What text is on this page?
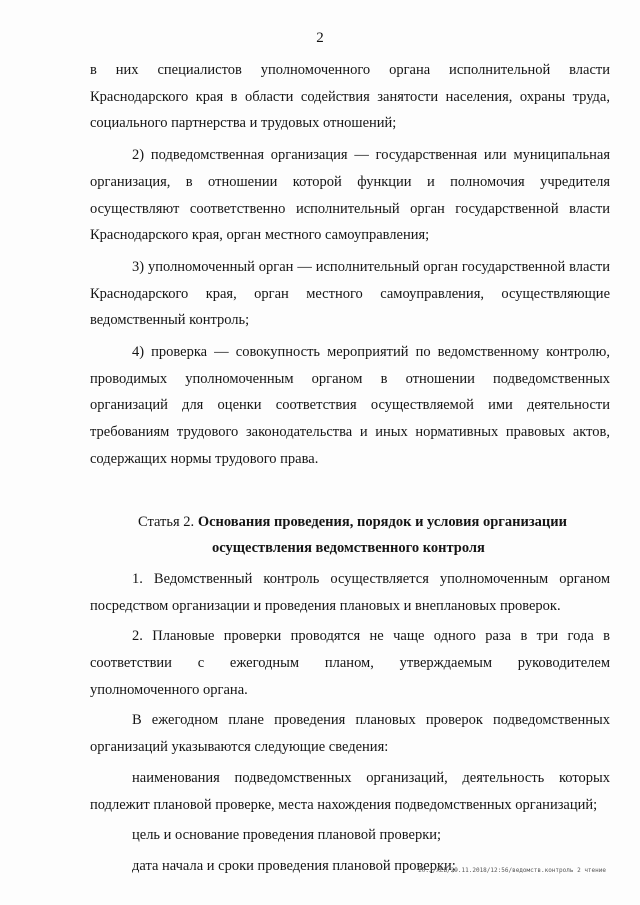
2

в них специалистов уполномоченного органа исполнительной власти Краснодарского края в области содействия занятости населения, охраны труда, социального партнерства и трудовых отношений;

2) подведомственная организация — государственная или муниципальная организация, в отношении которой функции и полномочия учредителя осуществляют соответственно исполнительный орган государственной власти Краснодарского края, орган местного самоуправления;

3) уполномоченный орган — исполнительный орган государственной власти Краснодарского края, орган местного самоуправления, осуществляющие ведомственный контроль;

4) проверка — совокупность мероприятий по ведомственному контролю, проводимых уполномоченным органом в отношении подведомственных организаций для оценки соответствия осуществляемой ими деятельности требованиям трудового законодательства и иных нормативных правовых актов, содержащих нормы трудового права.

Статья 2. Основания проведения, порядок и условия организации
осуществления ведомственного контроля

1. Ведомственный контроль осуществляется уполномоченным органом посредством организации и проведения плановых и внеплановых проверок.

2. Плановые проверки проводятся не чаще одного раза в три года в соответствии с ежегодным планом, утверждаемым руководителем уполномоченного органа.

В ежегодном плане проведения плановых проверок подведомственных организаций указываются следующие сведения:

наименования подведомственных организаций, деятельность которых подлежит плановой проверке, места нахождения подведомственных организаций;

цель и основание проведения плановой проверки;

дата начала и сроки проведения плановой проверки;

20.3/ХЕВ/29.11.2018/12:56/ведомств.контроль 2 чтение
